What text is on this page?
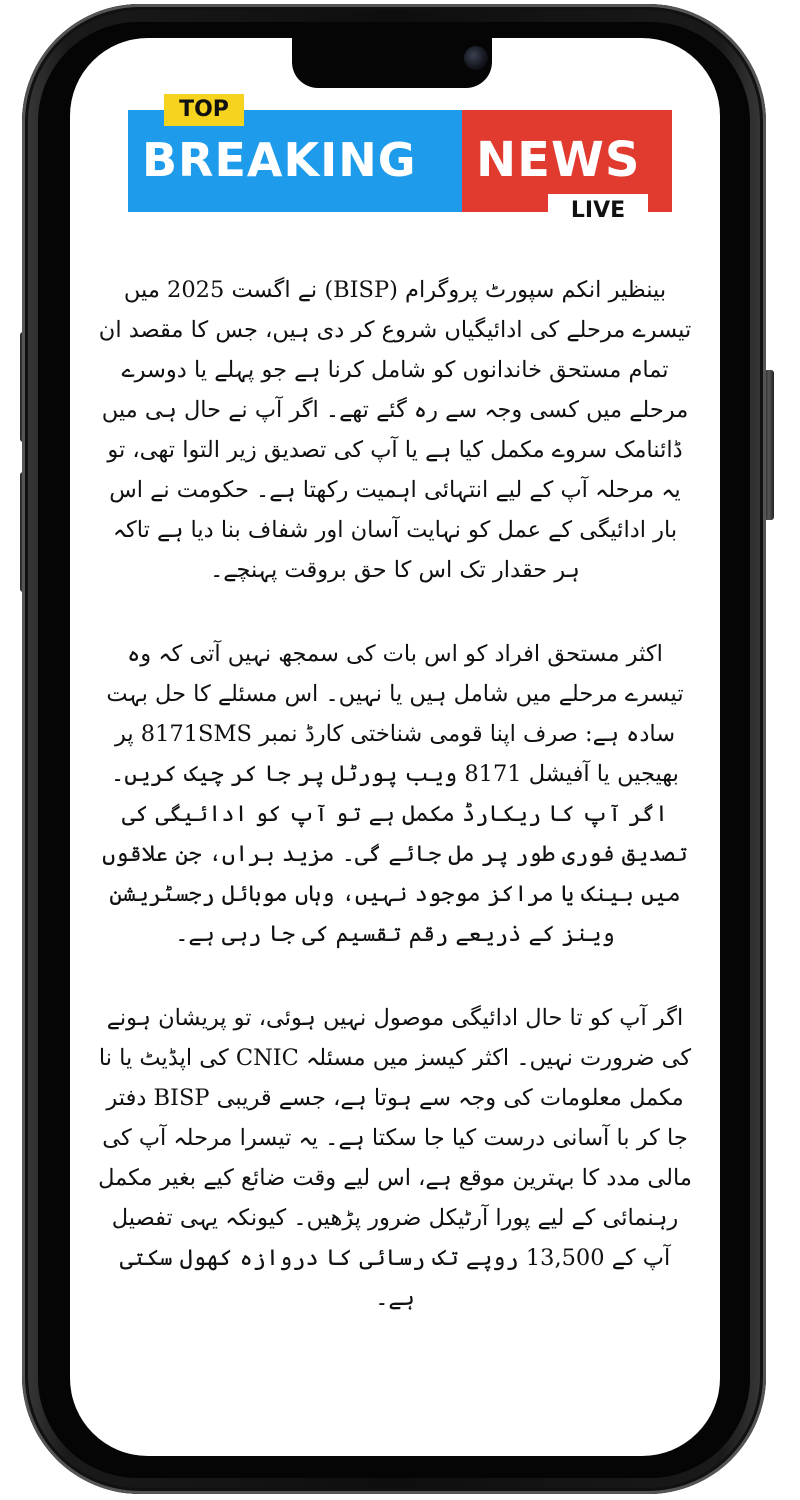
BREAKING NEWS
TOP
LIVE

بینظیر انکم سپورٹ پروگرام (BISP) نے اگست 2025 میں تیسرے مرحلے کی ادائیگیاں شروع کر دی ہیں، جس کا مقصد ان تمام مستحق خاندانوں کو شامل کرنا ہے جو پہلے یا دوسرے مرحلے میں کسی وجہ سے رہ گئے تھے۔ اگر آپ نے حال ہی میں ڈائنامک سروے مکمل کیا ہے یا آپ کی تصدیق زیر التوا تھی، تو یہ مرحلہ آپ کے لیے انتہائی اہمیت رکھتا ہے۔ حکومت نے اس بار ادائیگی کے عمل کو نہایت آسان اور شفاف بنا دیا ہے تاکہ ہر حقدار تک اس کا حق بروقت پہنچے۔

اکثر مستحق افراد کو اس بات کی سمجھ نہیں آتی کہ وہ تیسرے مرحلے میں شامل ہیں یا نہیں۔ اس مسئلے کا حل بہت سادہ ہے: صرف اپنا قومی شناختی کارڈ نمبر 8171SMS پر بھیجیں یا آفیشل 8171 ویب پورٹل پر جا کر چیک کریں۔ اگر آپ کا ریکارڈ مکمل ہے تو آپ کو ادائیگی کی تصدیق فوری طور پر مل جائے گی۔ مزید براں، جن علاقوں میں بینک یا مراکز موجود نہیں، وہاں موبائل رجسٹریشن وینز کے ذریعے رقم تقسیم کی جا رہی ہے۔

اگر آپ کو تا حال ادائیگی موصول نہیں ہوئی، تو پریشان ہونے کی ضرورت نہیں۔ اکثر کیسز میں مسئلہ CNIC کی اپڈیٹ یا نا مکمل معلومات کی وجہ سے ہوتا ہے، جسے قریبی BISP دفتر جا کر با آسانی درست کیا جا سکتا ہے۔ یہ تیسرا مرحلہ آپ کی مالی مدد کا بہترین موقع ہے، اس لیے وقت ضائع کیے بغیر مکمل رہنمائی کے لیے پورا آرٹیکل ضرور پڑھیں۔ کیونکہ یہی تفصیل آپ کے 13,500 روپے تک رسائی کا دروازہ کھول سکتی ہے۔
